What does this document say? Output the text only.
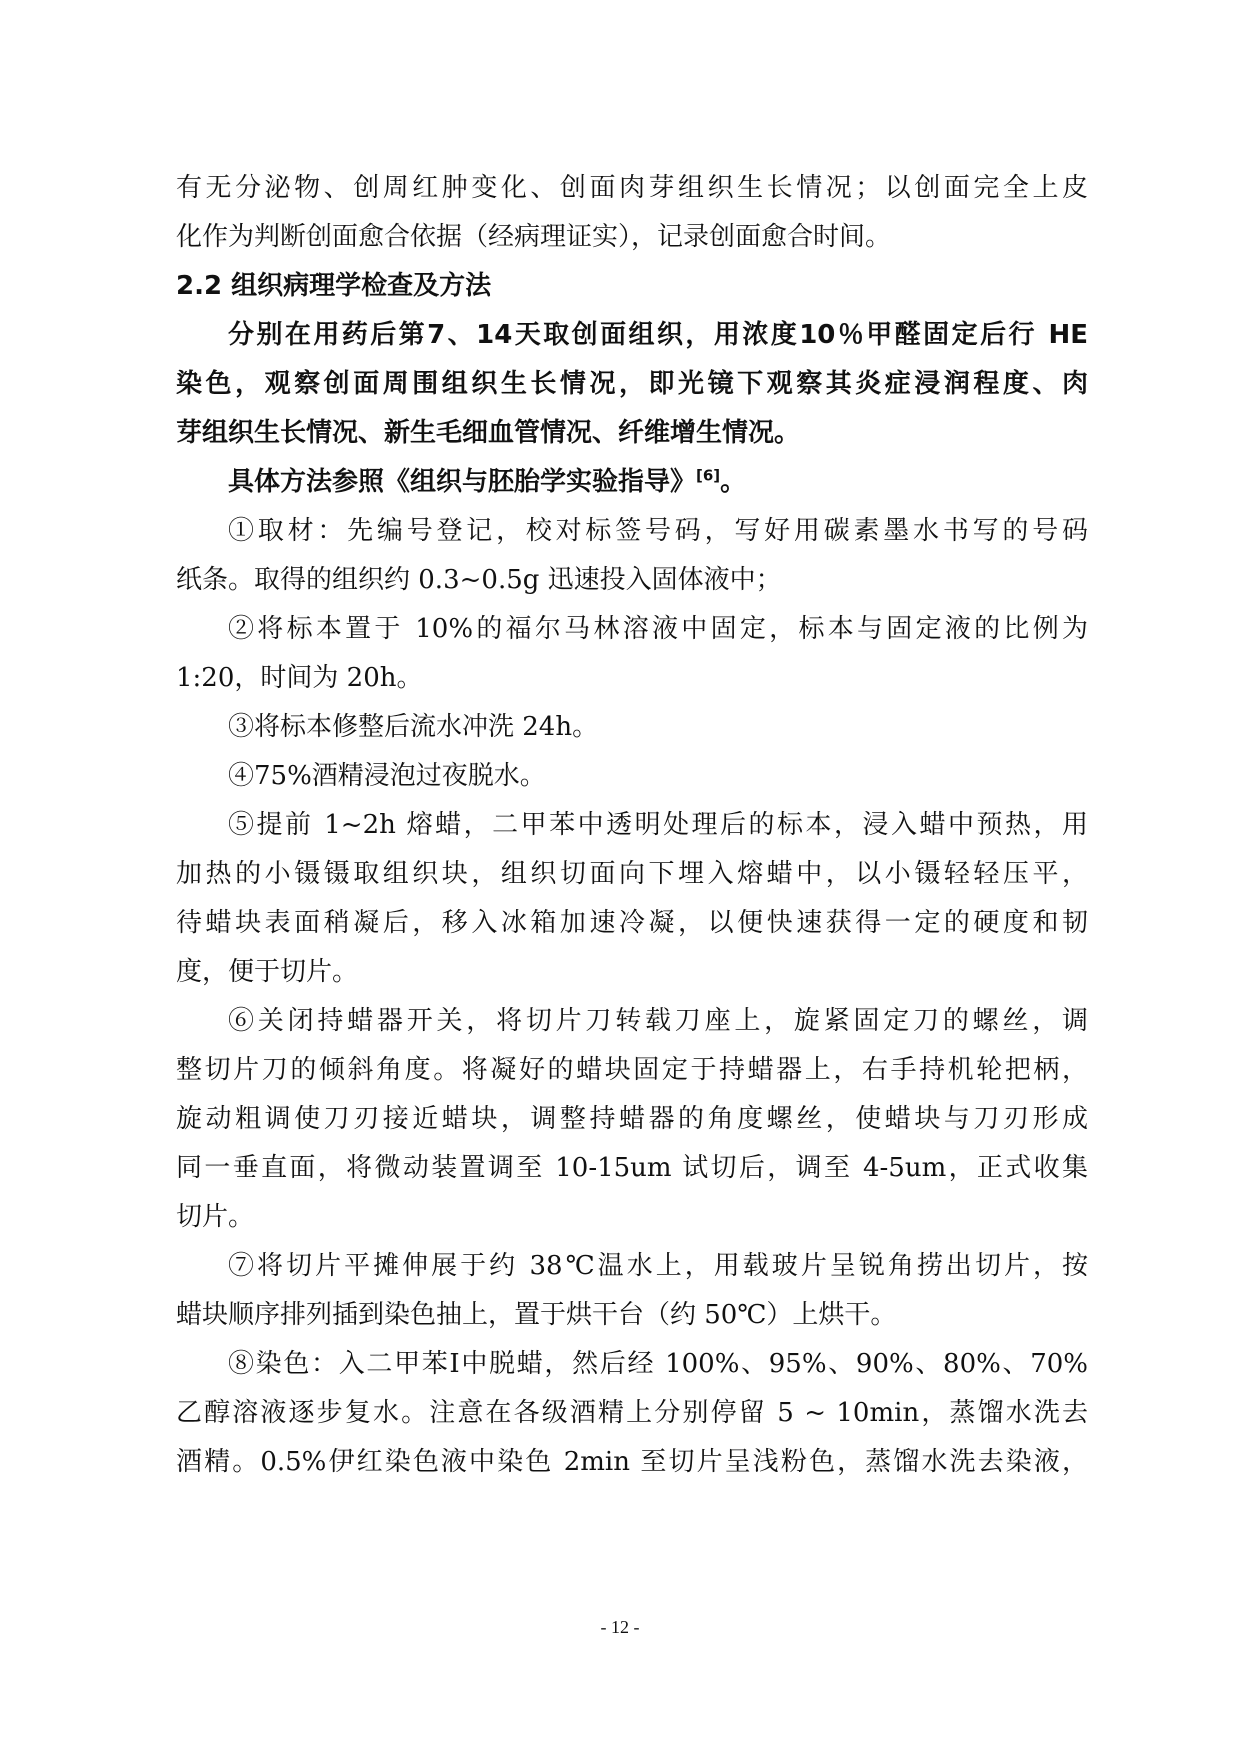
有无分泌物、创周红肿变化、创面肉芽组织生长情况；以创面完全上皮
化作为判断创面愈合依据（经病理证实），记录创面愈合时间。
2.2 组织病理学检查及方法
分别在用药后第7、14天取创面组织，用浓度10％甲醛固定后行 HE
染色，观察创面周围组织生长情况，即光镜下观察其炎症浸润程度、肉
芽组织生长情况、新生毛细血管情况、纤维增生情况。
具体方法参照《组织与胚胎学实验指导》[6]。
①取材：先编号登记，校对标签号码，写好用碳素墨水书写的号码
纸条。取得的组织约 0.3~0.5g 迅速投入固体液中；
②将标本置于 10%的福尔马林溶液中固定，标本与固定液的比例为
1:20，时间为 20h。
③将标本修整后流水冲洗 24h。
④75%酒精浸泡过夜脱水。
⑤提前 1~2h 熔蜡，二甲苯中透明处理后的标本，浸入蜡中预热，用
加热的小镊镊取组织块，组织切面向下埋入熔蜡中，以小镊轻轻压平，
待蜡块表面稍凝后，移入冰箱加速冷凝，以便快速获得一定的硬度和韧
度，便于切片。
⑥关闭持蜡器开关，将切片刀转载刀座上，旋紧固定刀的螺丝，调
整切片刀的倾斜角度。将凝好的蜡块固定于持蜡器上，右手持机轮把柄，
旋动粗调使刀刃接近蜡块，调整持蜡器的角度螺丝，使蜡块与刀刃形成
同一垂直面，将微动装置调至 10-15um 试切后，调至 4-5um，正式收集
切片。
⑦将切片平摊伸展于约 38℃温水上，用载玻片呈锐角捞出切片，按
蜡块顺序排列插到染色抽上，置于烘干台（约 50℃）上烘干。
⑧染色：入二甲苯Ⅰ中脱蜡，然后经 100%、95%、90%、80%、70%
乙醇溶液逐步复水。注意在各级酒精上分别停留 5 ~ 10min，蒸馏水洗去
酒精。0.5%伊红染色液中染色 2min 至切片呈浅粉色，蒸馏水洗去染液，
- 12 -
